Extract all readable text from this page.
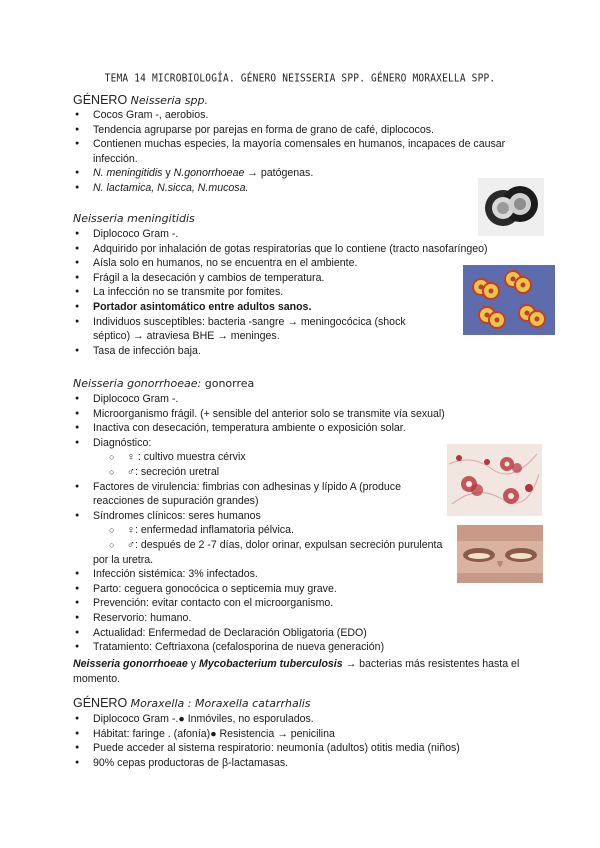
TEMA 14 MICROBIOLOGÍA. GÉNERO NEISSERIA SPP. GÉNERO MORAXELLA SPP.
GÉNERO Neisseria spp.
● Cocos Gram -, aerobios.
● Tendencia agruparse por parejas en forma de grano de café, diplococos.
● Contienen muchas especies, la mayoría comensales en humanos, incapaces de causar
infección.
● N. meningitidis y N.gonorrhoeae → patógenas.
● N. lactamica, N.sicca, N.mucosa.
Neisseria meningitidis
● Diplococo Gram -.
● Adquirido por inhalación de gotas respiratorias que lo contiene (tracto nasofaríngeo)
● Aísla solo en humanos, no se encuentra en el ambiente.
● Frágil a la desecación y cambios de temperatura.
● La infección no se transmite por fomites.
● Portador asintomático entre adultos sanos.
● Individuos susceptibles: bacteria -sangre → meningocócica (shock
séptico) → atraviesa BHE → meninges.
● Tasa de infección baja.
Neisseria gonorrhoeae: gonorrea
● Diplococo Gram -.
● Microorganismo frágil. (+ sensible del anterior solo se transmite vía sexual)
● Inactiva con desecación, temperatura ambiente o exposición solar.
● Diagnóstico:
○ ♀ : cultivo muestra cérvix
○ ♂: secreción uretral
● Factores de virulencia: fimbrias con adhesinas y lípido A (produce
reacciones de supuración grandes)
● Síndromes clínicos: seres humanos
○ ♀: enfermedad inflamatoria pélvica.
○ ♂: después de 2 -7 días, dolor orinar, expulsan secreción purulenta
por la uretra.
● Infección sistémica: 3% infectados.
● Parto: ceguera gonocócica o septicemia muy grave.
● Prevención: evitar contacto con el microorganismo.
● Reservorio: humano.
● Actualidad: Enfermedad de Declaración Obligatoria (EDO)
● Tratamiento: Ceftriaxona (cefalosporina de nueva generación)
Neisseria gonorrhoeae y Mycobacterium tuberculosis → bacterias más resistentes hasta el
momento.
GÉNERO Moraxella : Moraxella catarrhalis
● Diplococo Gram -.● Inmóviles, no esporulados.
● Hábitat: faringe . (afonía)● Resistencia → penicilina
● Puede acceder al sistema respiratorio: neumonía (adultos) otitis media (niños)
● 90% cepas productoras de β-lactamasas.
